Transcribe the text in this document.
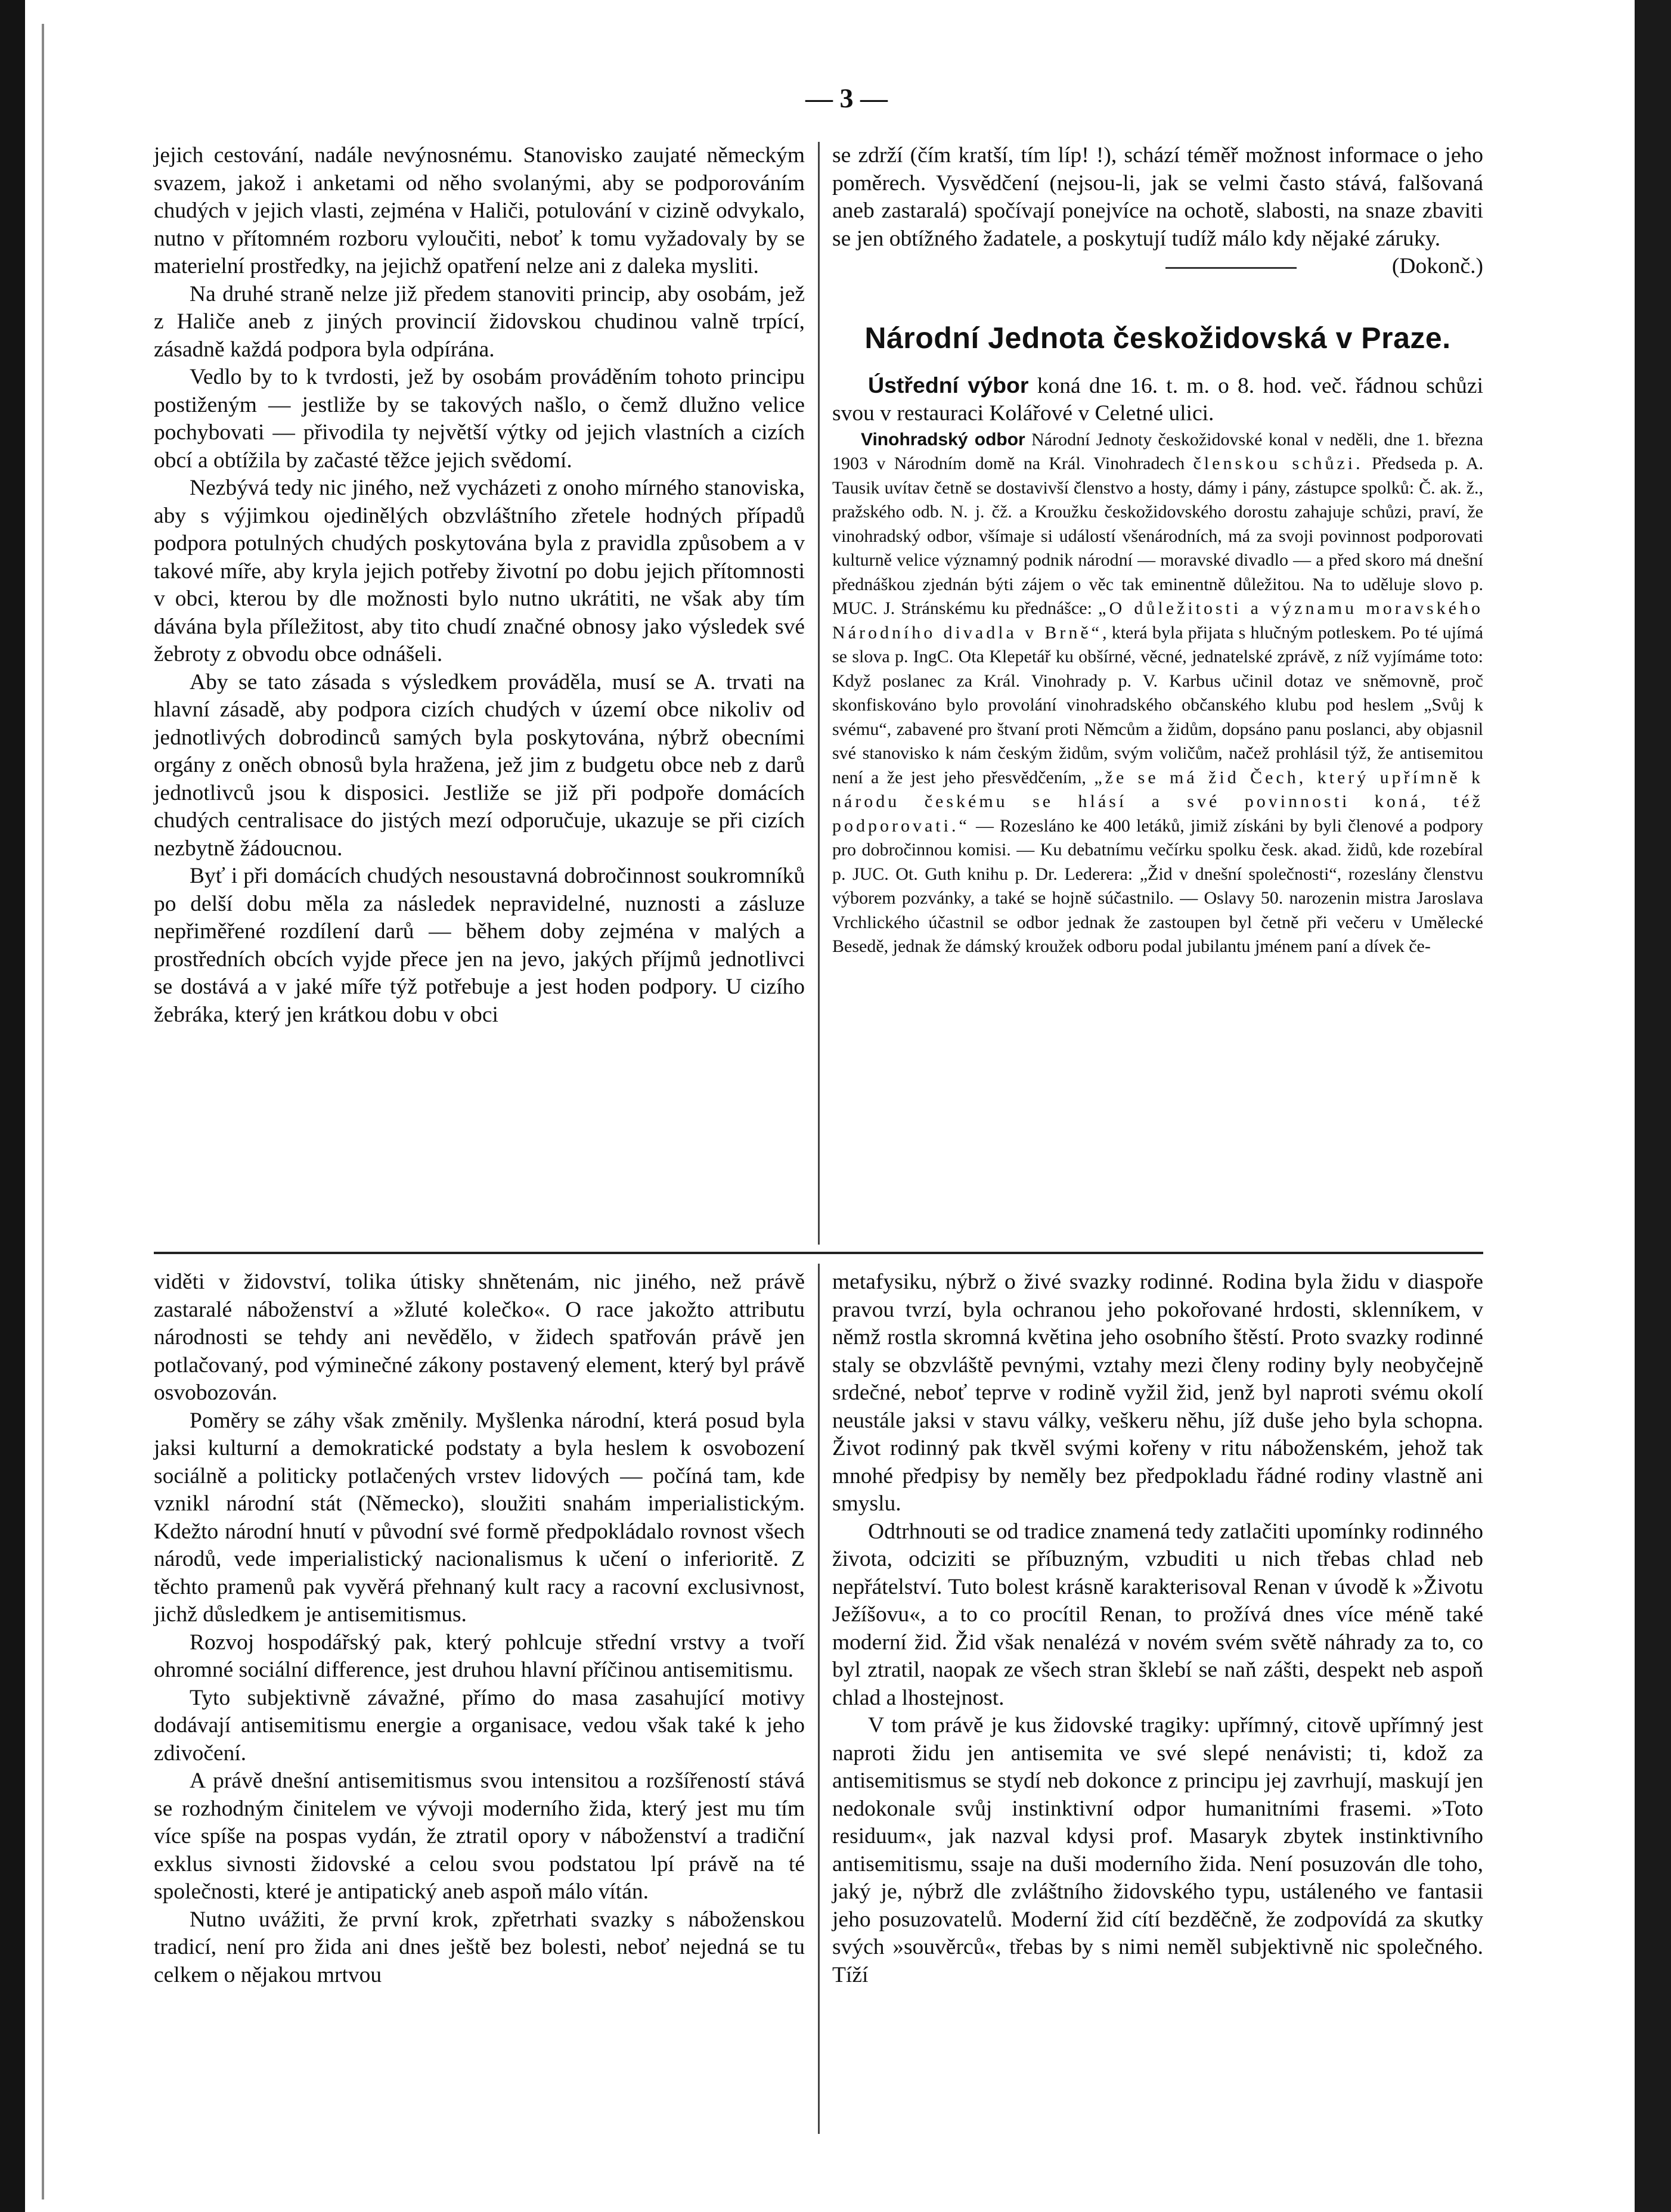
— 3 —

jejich cestování, nadále nevýnosnému. Stanovisko zaujaté německým svazem, jakož i anketami od něho svolanými, aby se podporováním chudých v jejich vlasti, zejména v Haliči, potulování v cizině odvykalo, nutno v přítomném rozboru vyloučiti, neboť k tomu vyžadovaly by se materielní prostředky, na jejichž opatření nelze ani z daleka mysliti.

Na druhé straně nelze již předem stanoviti princip, aby osobám, jež z Haliče aneb z jiných provincií židovskou chudinou valně trpící, zásadně každá podpora byla odpírána.

Vedlo by to k tvrdosti, jež by osobám prováděním tohoto principu postiženým — jestliže by se takových našlo, o čemž dlužno velice pochybovati — přivodila ty největší výtky od jejich vlastních a cizích obcí a obtížila by začasté těžce jejich svědomí.

Nezbývá tedy nic jiného, než vycházeti z onoho mírného stanoviska, aby s výjimkou ojedinělých obzvláštního zřetele hodných případů podpora potulných chudých poskytována byla z pravidla způsobem a v takové míře, aby kryla jejich potřeby životní po dobu jejich přítomnosti v obci, kterou by dle možnosti bylo nutno ukrátiti, ne však aby tím dávána byla příležitost, aby tito chudí značné obnosy jako výsledek své žebroty z obvodu obce odnášeli.

Aby se tato zásada s výsledkem prováděla, musí se A. trvati na hlavní zásadě, aby podpora cizích chudých v území obce nikoliv od jednotlivých dobrodinců samých byla poskytována, nýbrž obecními orgány z oněch obnosů byla hražena, jež jim z budgetu obce neb z darů jednotlivců jsou k disposici. Jestliže se již při podpoře domácích chudých centralisace do jistých mezí odporučuje, ukazuje se při cizích nezbytně žádoucnou.

Byť i při domácích chudých nesoustavná dobročinnost soukromníků po delší dobu měla za následek nepravidelné, nuznosti a zásluze nepřiměřené rozdílení darů — během doby zejména v malých a prostředních obcích vyjde přece jen na jevo, jakých příjmů jednotlivci se dostává a v jaké míře týž potřebuje a jest hoden podpory. U cizího žebráka, který jen krátkou dobu v obci

se zdrží (čím kratší, tím líp! !), schází téměř možnost informace o jeho poměrech. Vysvědčení (nejsou-li, jak se velmi často stává, falšovaná aneb zastaralá) spočívají ponejvíce na ochotě, slabosti, na snaze zbaviti se jen obtížného žadatele, a poskytují tudíž málo kdy nějaké záruky.

(Dokonč.)

Národní Jednota českožidovská v Praze.

Ústřední výbor koná dne 16. t. m. o 8. hod. več. řádnou schůzi svou v restauraci Kolářové v Celetné ulici.

Vinohradský odbor Národní Jednoty českožidovské konal v neděli, dne 1. března 1903 v Národním domě na Král. Vinohradech členskou schůzi. Předseda p. A. Tausik uvítav četně se dostavivší členstvo a hosty, dámy i pány, zástupce spolků: Č. ak. ž., pražského odb. N. j. čž. a Kroužku českožidovského dorostu zahajuje schůzi, praví, že vinohradský odbor, všímaje si událostí všenárodních, má za svoji povinnost podporovati kulturně velice významný podnik národní — moravské divadlo — a před skoro má dnešní přednáškou zjednán býti zájem o věc tak eminentně důležitou. Na to uděluje slovo p. MUC. J. Stránskému ku přednášce: „O důležitosti a významu moravského Národního divadla v Brně“, která byla přijata s hlučným potleskem. Po té ujímá se slova p. IngC. Ota Klepetář ku obšírné, věcné, jednatelské zprávě, z níž vyjímáme toto: Když poslanec za Král. Vinohrady p. V. Karbus učinil dotaz ve sněmovně, proč skonfiskováno bylo provolání vinohradského občanského klubu pod heslem „Svůj k svému“, zabavené pro štvaní proti Němcům a židům, dopsáno panu poslanci, aby objasnil své stanovisko k nám českým židům, svým voličům, načež prohlásil týž, že antisemitou není a že jest jeho přesvědčením, „že se má žid Čech, který upřímně k národu českému se hlásí a své povinnosti koná, též podporovati.“ — Rozesláno ke 400 letáků, jimiž získáni by byli členové a podpory pro dobročinnou komisi. — Ku debatnímu večírku spolku česk. akad. židů, kde rozebíral p. JUC. Ot. Guth knihu p. Dr. Lederera: „Žid v dnešní společnosti“, rozeslány členstvu výborem pozvánky, a také se hojně súčastnilo. — Oslavy 50. narozenin mistra Jaroslava Vrchlického účastnil se odbor jednak že zastoupen byl četně při večeru v Umělecké Besedě, jednak že dámský kroužek odboru podal jubilantu jménem paní a dívek če-

viděti v židovství, tolika útisky shnětenám, nic jiného, než právě zastaralé náboženství a »žluté kolečko«. O race jakožto attributu národnosti se tehdy ani nevědělo, v židech spatřován právě jen potlačovaný, pod výminečné zákony postavený element, který byl právě osvobozován.

Poměry se záhy však změnily. Myšlenka národní, která posud byla jaksi kulturní a demokratické podstaty a byla heslem k osvobození sociálně a politicky potlačených vrstev lidových — počíná tam, kde vznikl národní stát (Německo), sloužiti snahám imperialistickým. Kdežto národní hnutí v původní své formě předpokládalo rovnost všech národů, vede imperialistický nacionalismus k učení o inferioritě. Z těchto pramenů pak vyvěrá přehnaný kult racy a racovní exclusivnost, jichž důsledkem je antisemitismus.

Rozvoj hospodářský pak, který pohlcuje střední vrstvy a tvoří ohromné sociální difference, jest druhou hlavní příčinou antisemitismu.

Tyto subjektivně závažné, přímo do masa zasahující motivy dodávají antisemitismu energie a organisace, vedou však také k jeho zdivočení.

A právě dnešní antisemitismus svou intensitou a rozšířeností stává se rozhodným činitelem ve vývoji moderního žida, který jest mu tím více spíše na pospas vydán, že ztratil opory v náboženství a tradiční exklus sivnosti židovské a celou svou podstatou lpí právě na té společnosti, které je antipatický aneb aspoň málo vítán.

Nutno uvážiti, že první krok, zpřetrhati svazky s náboženskou tradicí, není pro žida ani dnes ještě bez bolesti, neboť nejedná se tu celkem o nějakou mrtvou

metafysiku, nýbrž o živé svazky rodinné. Rodina byla židu v diaspoře pravou tvrzí, byla ochranou jeho pokořované hrdosti, sklenníkem, v němž rostla skromná květina jeho osobního štěstí. Proto svazky rodinné staly se obzvláště pevnými, vztahy mezi členy rodiny byly neobyčejně srdečné, neboť teprve v rodině vyžil žid, jenž byl naproti svému okolí neustále jaksi v stavu války, veškeru něhu, jíž duše jeho byla schopna. Život rodinný pak tkvěl svými kořeny v ritu náboženském, jehož tak mnohé předpisy by neměly bez předpokladu řádné rodiny vlastně ani smyslu.

Odtrhnouti se od tradice znamená tedy zatlačiti upomínky rodinného života, odciziti se příbuzným, vzbuditi u nich třebas chlad neb nepřátelství. Tuto bolest krásně karakterisoval Renan v úvodě k »Životu Ježíšovu«, a to co procítil Renan, to prožívá dnes více méně také moderní žid. Žid však nenalézá v novém svém světě náhrady za to, co byl ztratil, naopak ze všech stran šklebí se naň zášti, despekt neb aspoň chlad a lhostejnost.

V tom právě je kus židovské tragiky: upřímný, citově upřímný jest naproti židu jen antisemita ve své slepé nenávisti; ti, kdož za antisemitismus se stydí neb dokonce z principu jej zavrhují, maskují jen nedokonale svůj instinktivní odpor humanitními frasemi. »Toto residuum«, jak nazval kdysi prof. Masaryk zbytek instinktivního antisemitismu, ssaje na duši moderního žida. Není posuzován dle toho, jaký je, nýbrž dle zvláštního židovského typu, ustáleného ve fantasii jeho posuzovatelů. Moderní žid cítí bezděčně, že zodpovídá za skutky svých »souvěrců«, třebas by s nimi neměl subjektivně nic společného. Tíží
